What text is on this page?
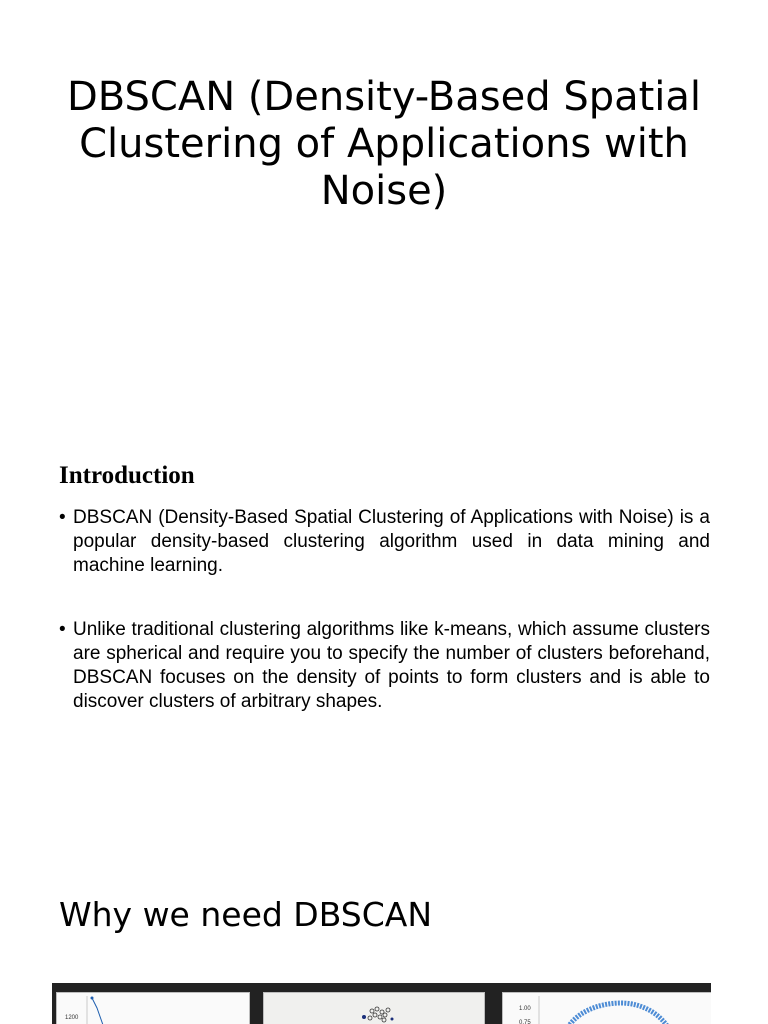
DBSCAN (Density-Based Spatial Clustering of Applications with Noise)
Introduction
• DBSCAN (Density-Based Spatial Clustering of Applications with Noise) is a popular density-based clustering algorithm used in data mining and machine learning.
• Unlike traditional clustering algorithms like k-means, which assume clusters are spherical and require you to specify the number of clusters beforehand, DBSCAN focuses on the density of points to form clusters and is able to discover clusters of arbitrary shapes.
Why we need DBSCAN
1200
1.00
0.75
